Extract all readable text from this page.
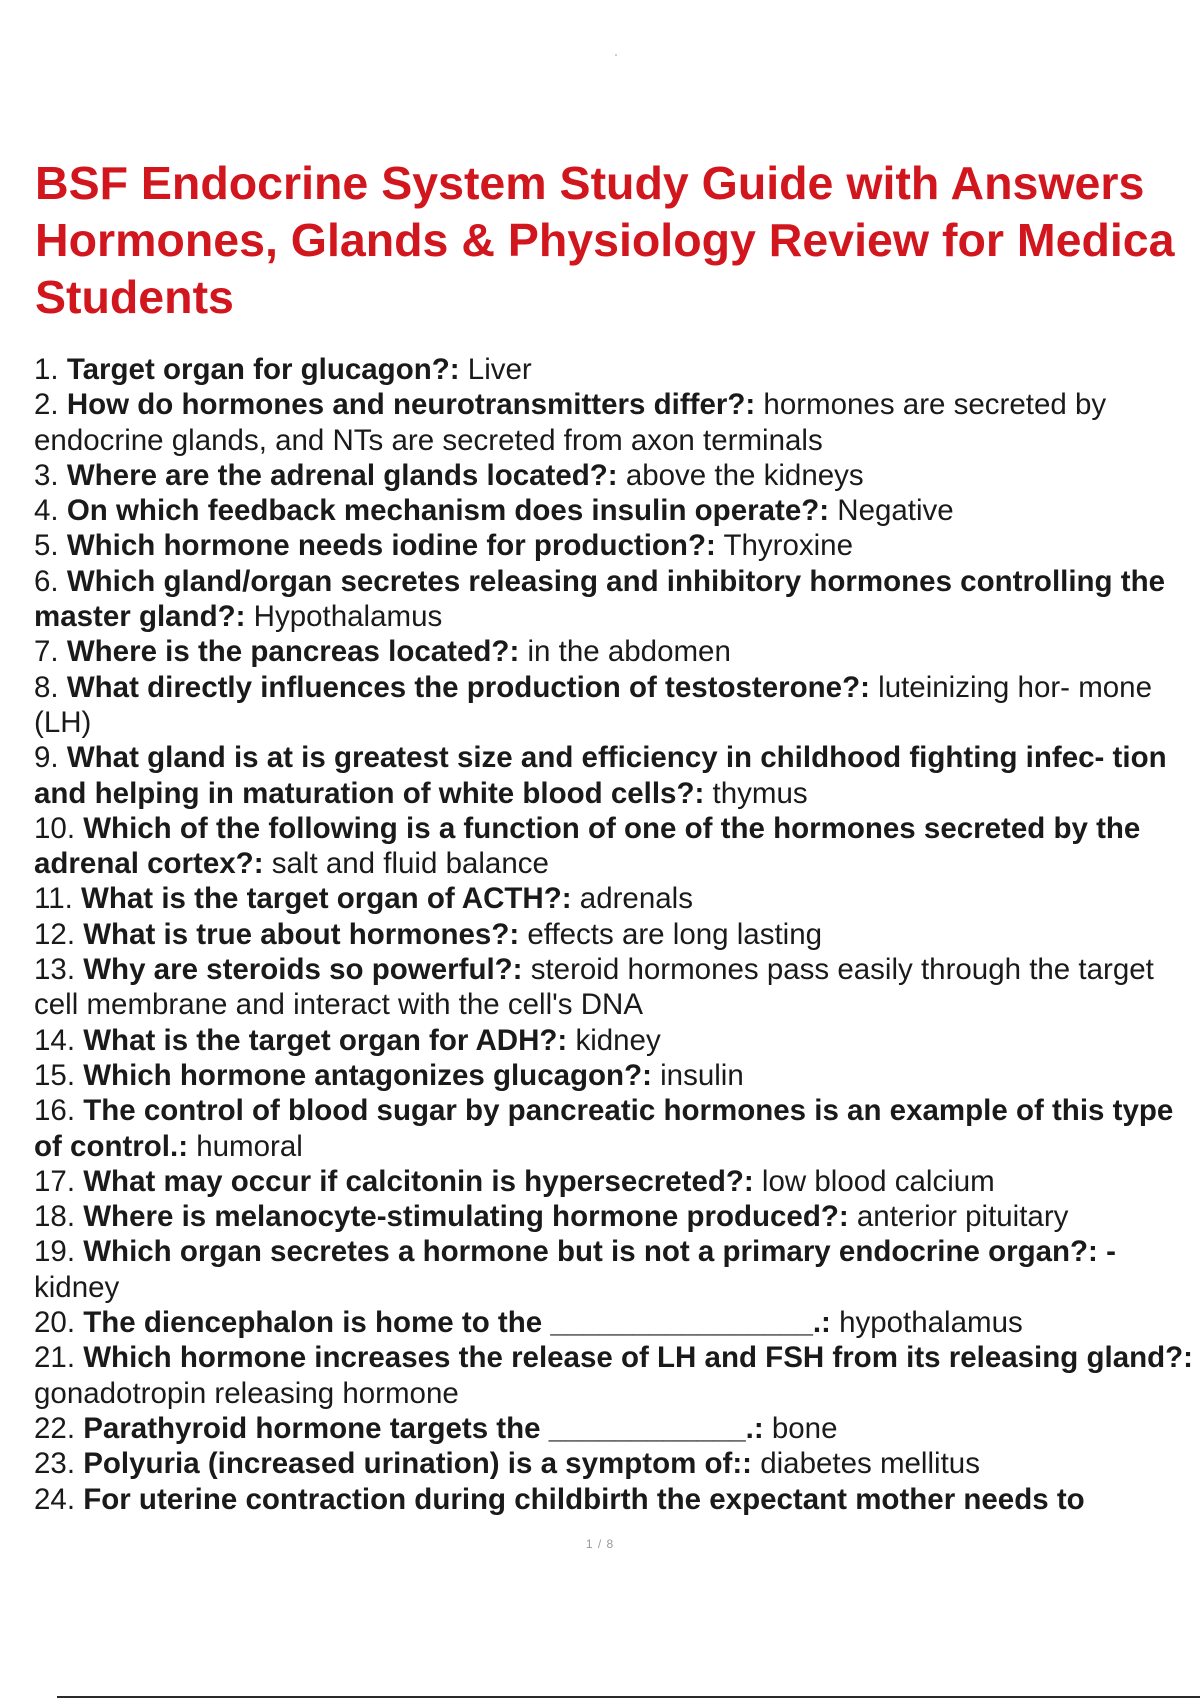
BSF Endocrine System Study Guide with Answers
Hormones, Glands & Physiology Review for Medica
Students
1. Target organ for glucagon?: Liver
2. How do hormones and neurotransmitters differ?: hormones are secreted by endocrine glands, and NTs are secreted from axon terminals
3. Where are the adrenal glands located?: above the kidneys
4. On which feedback mechanism does insulin operate?: Negative
5. Which hormone needs iodine for production?: Thyroxine
6. Which gland/organ secretes releasing and inhibitory hormones controlling the master gland?: Hypothalamus
7. Where is the pancreas located?: in the abdomen
8. What directly influences the production of testosterone?: luteinizing hor- mone (LH)
9. What gland is at is greatest size and efficiency in childhood fighting infec- tion and helping in maturation of white blood cells?: thymus
10. Which of the following is a function of one of the hormones secreted by the adrenal cortex?: salt and fluid balance
11. What is the target organ of ACTH?: adrenals
12. What is true about hormones?: effects are long lasting
13. Why are steroids so powerful?: steroid hormones pass easily through the target cell membrane and interact with the cell's DNA
14. What is the target organ for ADH?: kidney
15. Which hormone antagonizes glucagon?: insulin
16. The control of blood sugar by pancreatic hormones is an example of this type of control.: humoral
17. What may occur if calcitonin is hypersecreted?: low blood calcium
18. Where is melanocyte-stimulating hormone produced?: anterior pituitary
19. Which organ secretes a hormone but is not a primary endocrine organ?: - kidney
20. The diencephalon is home to the ________________.: hypothalamus
21. Which hormone increases the release of LH and FSH from its releasing gland?: gonadotropin releasing hormone
22. Parathyroid hormone targets the ____________.: bone
23. Polyuria (increased urination) is a symptom of:: diabetes mellitus
24. For uterine contraction during childbirth the expectant mother needs to
1 / 8
